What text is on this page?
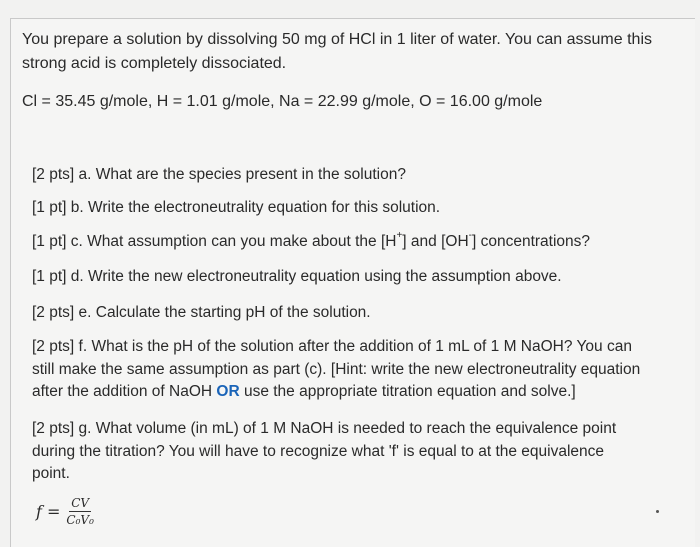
You prepare a solution by dissolving 50 mg of HCl in 1 liter of water. You can assume this
strong acid is completely dissociated.
Cl = 35.45 g/mole, H = 1.01 g/mole, Na = 22.99 g/mole, O = 16.00 g/mole
[2 pts] a. What are the species present in the solution?
[1 pt] b. Write the electroneutrality equation for this solution.
[1 pt] c. What assumption can you make about the [H+] and [OH-] concentrations?
[1 pt] d. Write the new electroneutrality equation using the assumption above.
[2 pts] e. Calculate the starting pH of the solution.
[2 pts] f. What is the pH of the solution after the addition of 1 mL of 1 M NaOH? You can
still make the same assumption as part (c). [Hint: write the new electroneutrality equation
after the addition of NaOH OR use the appropriate titration equation and solve.]
[2 pts] g. What volume (in mL) of 1 M NaOH is needed to reach the equivalence point
during the titration? You will have to recognize what 'f' is equal to at the equivalence
point.
$f = \frac{CV}{\text{C₀V₀}}$
